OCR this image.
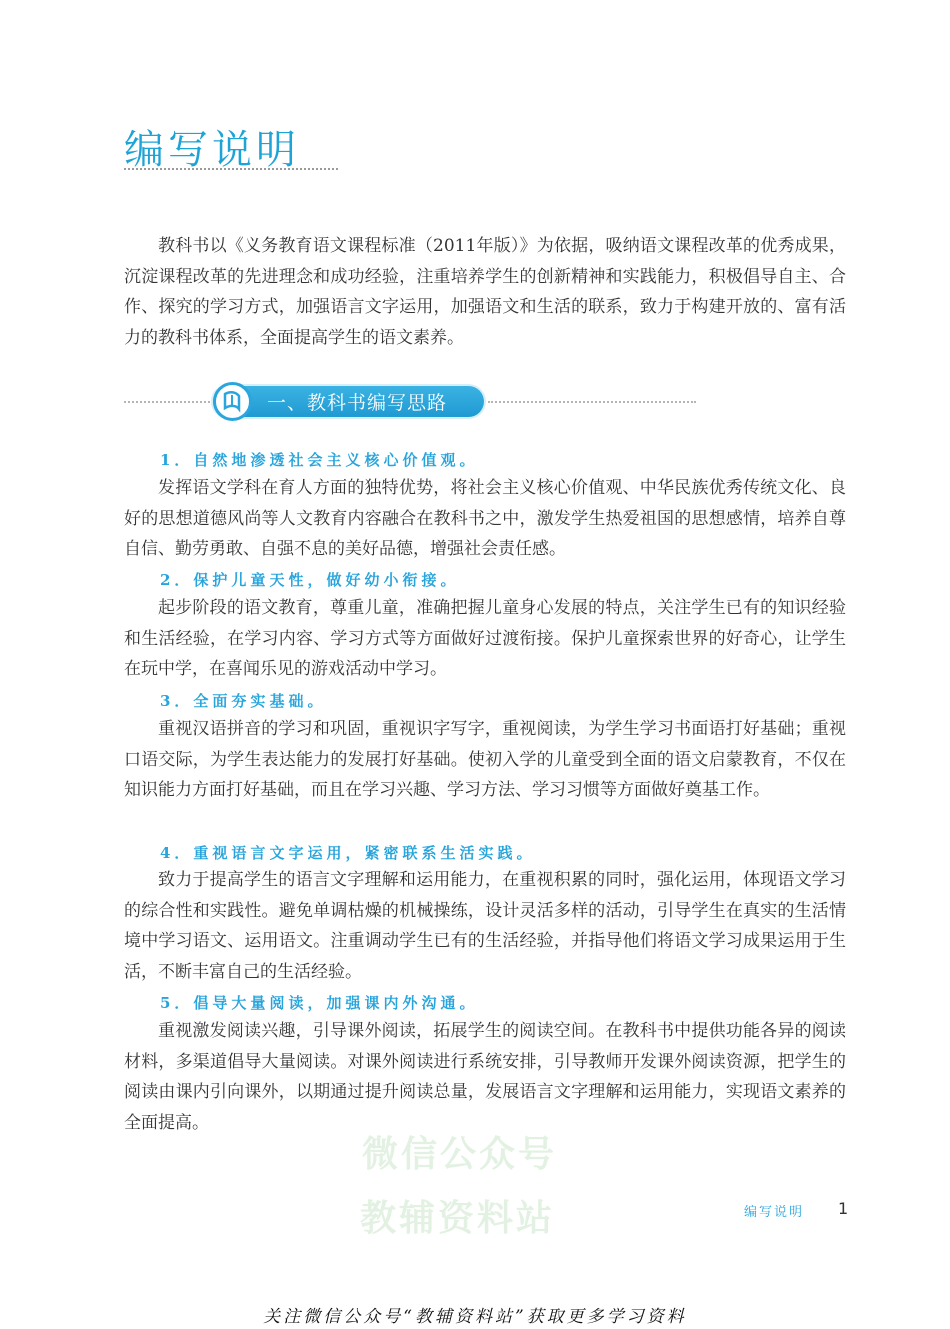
编写说明

教科书以《义务教育语文课程标准（2011年版）》为依据，吸纳语文课程改革的优秀成果，沉淀课程改革的先进理念和成功经验，注重培养学生的创新精神和实践能力，积极倡导自主、合作、探究的学习方式，加强语言文字运用，加强语文和生活的联系，致力于构建开放的、富有活力的教科书体系，全面提高学生的语文素养。

一、教科书编写思路
1．自然地渗透社会主义核心价值观。

发挥语文学科在育人方面的独特优势，将社会主义核心价值观、中华民族优秀传统文化、良好的思想道德风尚等人文教育内容融合在教科书之中，激发学生热爱祖国的思想感情，培养自尊自信、勤劳勇敢、自强不息的美好品德，增强社会责任感。

2．保护儿童天性，做好幼小衔接。

起步阶段的语文教育，尊重儿童，准确把握儿童身心发展的特点，关注学生已有的知识经验和生活经验，在学习内容、学习方式等方面做好过渡衔接。保护儿童探索世界的好奇心，让学生在玩中学，在喜闻乐见的游戏活动中学习。

3．全面夯实基础。

重视汉语拼音的学习和巩固，重视识字写字，重视阅读，为学生学习书面语打好基础；重视口语交际，为学生表达能力的发展打好基础。使初入学的儿童受到全面的语文启蒙教育，不仅在知识能力方面打好基础，而且在学习兴趣、学习方法、学习习惯等方面做好奠基工作。

4．重视语言文字运用，紧密联系生活实践。

致力于提高学生的语言文字理解和运用能力，在重视积累的同时，强化运用，体现语文学习的综合性和实践性。避免单调枯燥的机械操练，设计灵活多样的活动，引导学生在真实的生活情境中学习语文、运用语文。注重调动学生已有的生活经验，并指导他们将语文学习成果运用于生活，不断丰富自己的生活经验。

5．倡导大量阅读，加强课内外沟通。

重视激发阅读兴趣，引导课外阅读，拓展学生的阅读空间。在教科书中提供功能各异的阅读材料，多渠道倡导大量阅读。对课外阅读进行系统安排，引导教师开发课外阅读资源，把学生的阅读由课内引向课外，以期通过提升阅读总量，发展语言文字理解和运用能力，实现语文素养的全面提高。

微信公众号
教辅资料站	编写说明 1
关注微信公众号“教辅资料站”获取更多学习资料
